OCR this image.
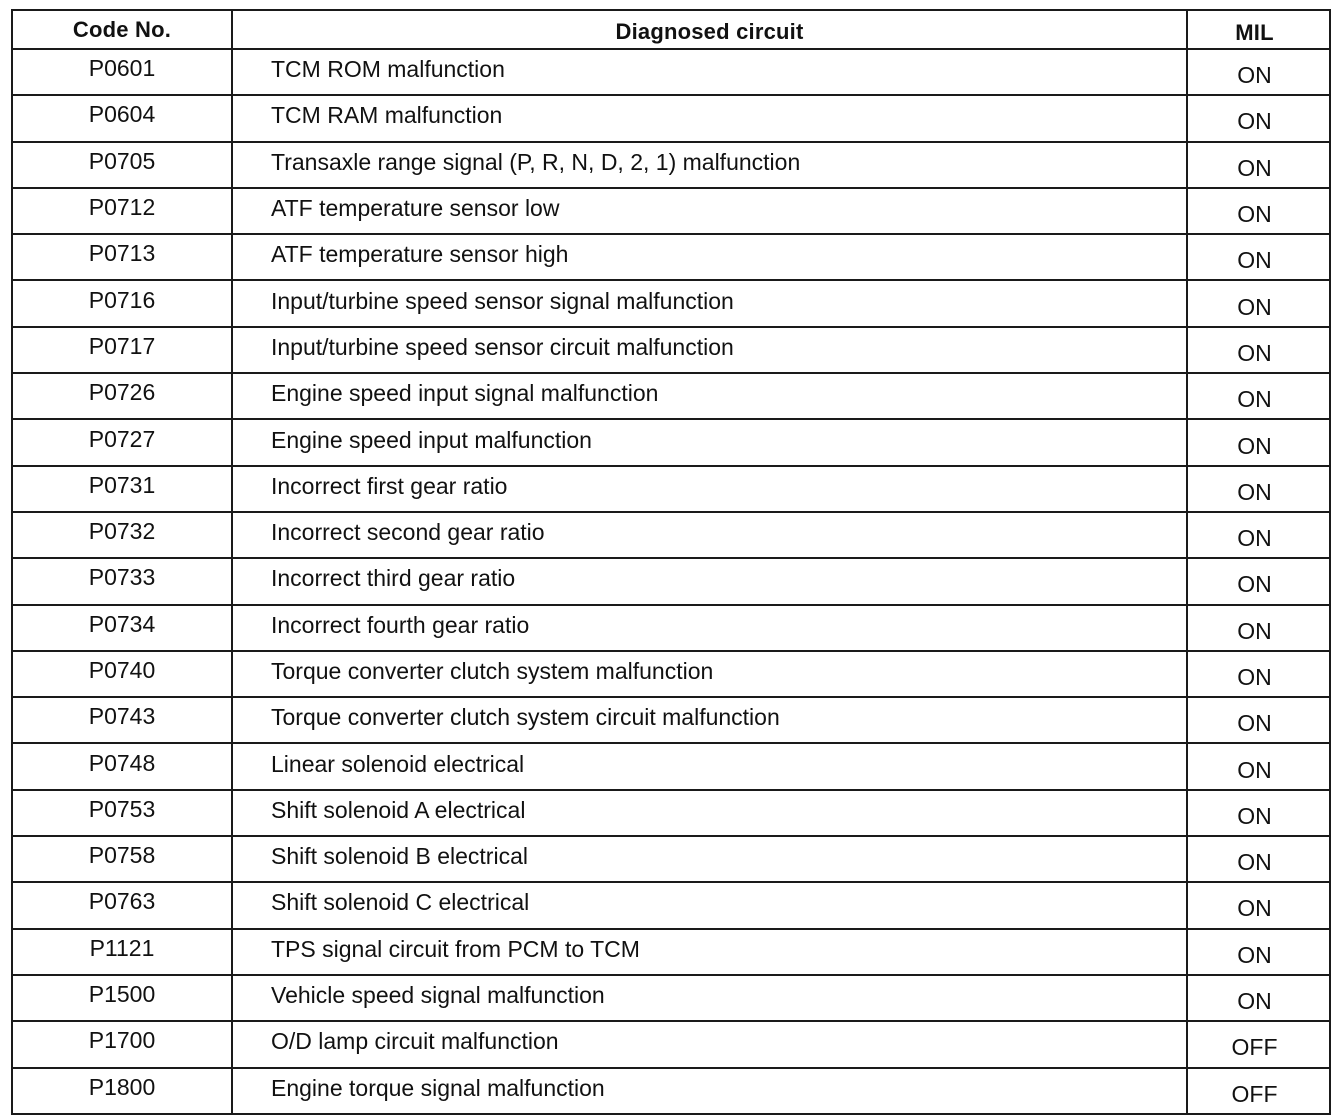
Code No.	Diagnosed circuit	MIL
P0601	TCM ROM malfunction	ON
P0604	TCM RAM malfunction	ON
P0705	Transaxle range signal (P, R, N, D, 2, 1) malfunction	ON
P0712	ATF temperature sensor low	ON
P0713	ATF temperature sensor high	ON
P0716	Input/turbine speed sensor signal malfunction	ON
P0717	Input/turbine speed sensor circuit malfunction	ON
P0726	Engine speed input signal malfunction	ON
P0727	Engine speed input malfunction	ON
P0731	Incorrect first gear ratio	ON
P0732	Incorrect second gear ratio	ON
P0733	Incorrect third gear ratio	ON
P0734	Incorrect fourth gear ratio	ON
P0740	Torque converter clutch system malfunction	ON
P0743	Torque converter clutch system circuit malfunction	ON
P0748	Linear solenoid electrical	ON
P0753	Shift solenoid A electrical	ON
P0758	Shift solenoid B electrical	ON
P0763	Shift solenoid C electrical	ON
P1121	TPS signal circuit from PCM to TCM	ON
P1500	Vehicle speed signal malfunction	ON
P1700	O/D lamp circuit malfunction	OFF
P1800	Engine torque signal malfunction	OFF
